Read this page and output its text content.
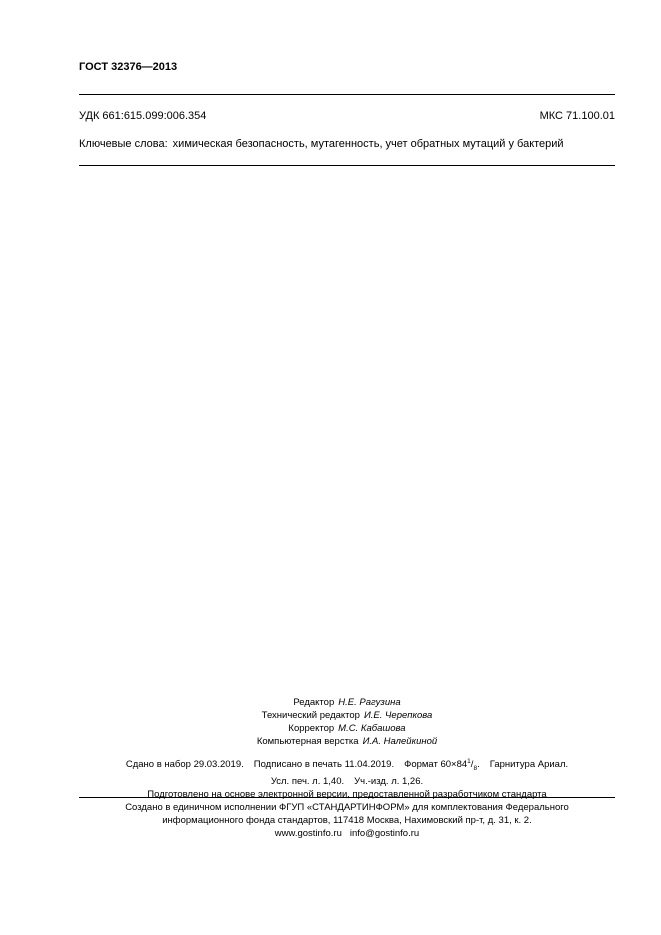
ГОСТ 32376—2013
УДК 661:615.099:006.354	МКС 71.100.01
Ключевые слова: химическая безопасность, мутагенность, учет обратных мутаций у бактерий
Редактор Н.Е. Рагузина
Технический редактор И.Е. Черепкова
Корректор М.С. Кабашова
Компьютерная верстка И.А. Налейкиной
Сдано в набор 29.03.2019. Подписано в печать 11.04.2019. Формат $60\times 84^1/_8$. Гарнитура Ариал.
Усл. печ. л. 1,40. Уч.-изд. л. 1,26.
Подготовлено на основе электронной версии, предоставленной разработчиком стандарта
Создано в единичном исполнении ФГУП «СТАНДАРТИНФОРМ» для комплектования Федерального
информационного фонда стандартов, 117418 Москва, Нахимовский пр-т, д. 31, к. 2.
www.gostinfo.ru info@gostinfo.ru
